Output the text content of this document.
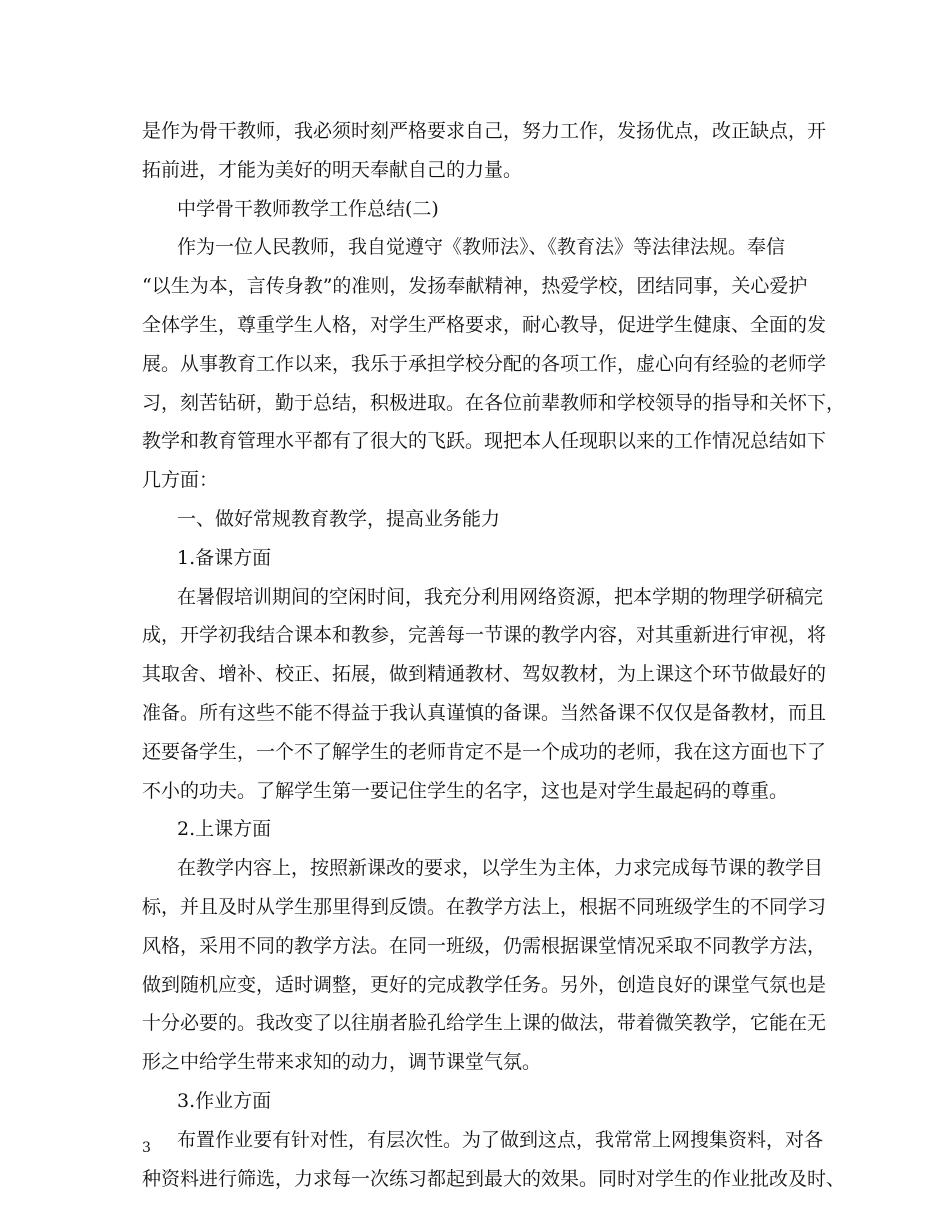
是作为骨干教师，我必须时刻严格要求自己，努力工作，发扬优点，改正缺点，开
拓前进，才能为美好的明天奉献自己的力量。
中学骨干教师教学工作总结(二)
作为一位人民教师，我自觉遵守《教师法》、《教育法》等法律法规。奉信
“以生为本，言传身教”的准则，发扬奉献精神，热爱学校，团结同事，关心爱护
全体学生，尊重学生人格，对学生严格要求，耐心教导，促进学生健康、全面的发
展。从事教育工作以来，我乐于承担学校分配的各项工作，虚心向有经验的老师学
习，刻苦钻研，勤于总结，积极进取。在各位前辈教师和学校领导的指导和关怀下，
教学和教育管理水平都有了很大的飞跃。现把本人任现职以来的工作情况总结如下
几方面：
一、做好常规教育教学，提高业务能力
1.备课方面
在暑假培训期间的空闲时间，我充分利用网络资源，把本学期的物理学研稿完
成，开学初我结合课本和教参，完善每一节课的教学内容，对其重新进行审视，将
其取舍、增补、校正、拓展，做到精通教材、驾奴教材，为上课这个环节做最好的
准备。所有这些不能不得益于我认真谨慎的备课。当然备课不仅仅是备教材，而且
还要备学生，一个不了解学生的老师肯定不是一个成功的老师，我在这方面也下了
不小的功夫。了解学生第一要记住学生的名字，这也是对学生最起码的尊重。
2.上课方面
在教学内容上，按照新课改的要求，以学生为主体，力求完成每节课的教学目
标，并且及时从学生那里得到反馈。在教学方法上，根据不同班级学生的不同学习
风格，采用不同的教学方法。在同一班级，仍需根据课堂情况采取不同教学方法，
做到随机应变，适时调整，更好的完成教学任务。另外，创造良好的课堂气氛也是
十分必要的。我改变了以往崩者脸孔给学生上课的做法，带着微笑教学，它能在无
形之中给学生带来求知的动力，调节课堂气氛。
3.作业方面
布置作业要有针对性，有层次性。为了做到这点，我常常上网搜集资料，对各
种资料进行筛选，力求每一次练习都起到最大的效果。同时对学生的作业批改及时、
3
